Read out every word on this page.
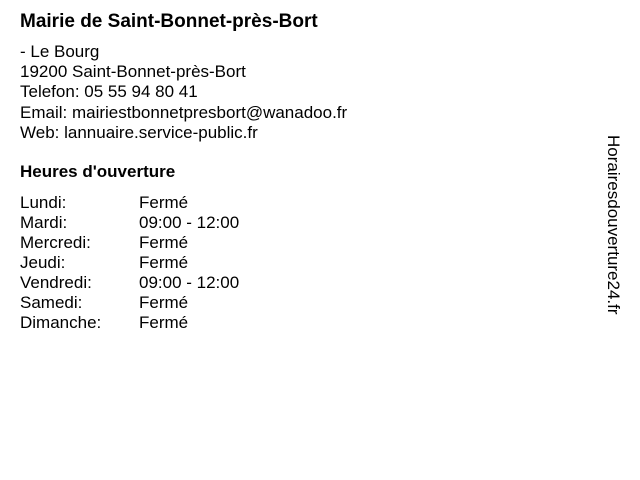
Mairie de Saint-Bonnet-près-Bort
- Le Bourg
19200 Saint-Bonnet-près-Bort
Telefon: 05 55 94 80 41
Email: mairiestbonnetpresbort@wanadoo.fr
Web: lannuaire.service-public.fr
Heures d'ouverture
Lundi:	Fermé
Mardi:	09:00 - 12:00
Mercredi:	Fermé
Jeudi:	Fermé
Vendredi:	09:00 - 12:00
Samedi:	Fermé
Dimanche:	Fermé
Horairesdouverture24.fr
